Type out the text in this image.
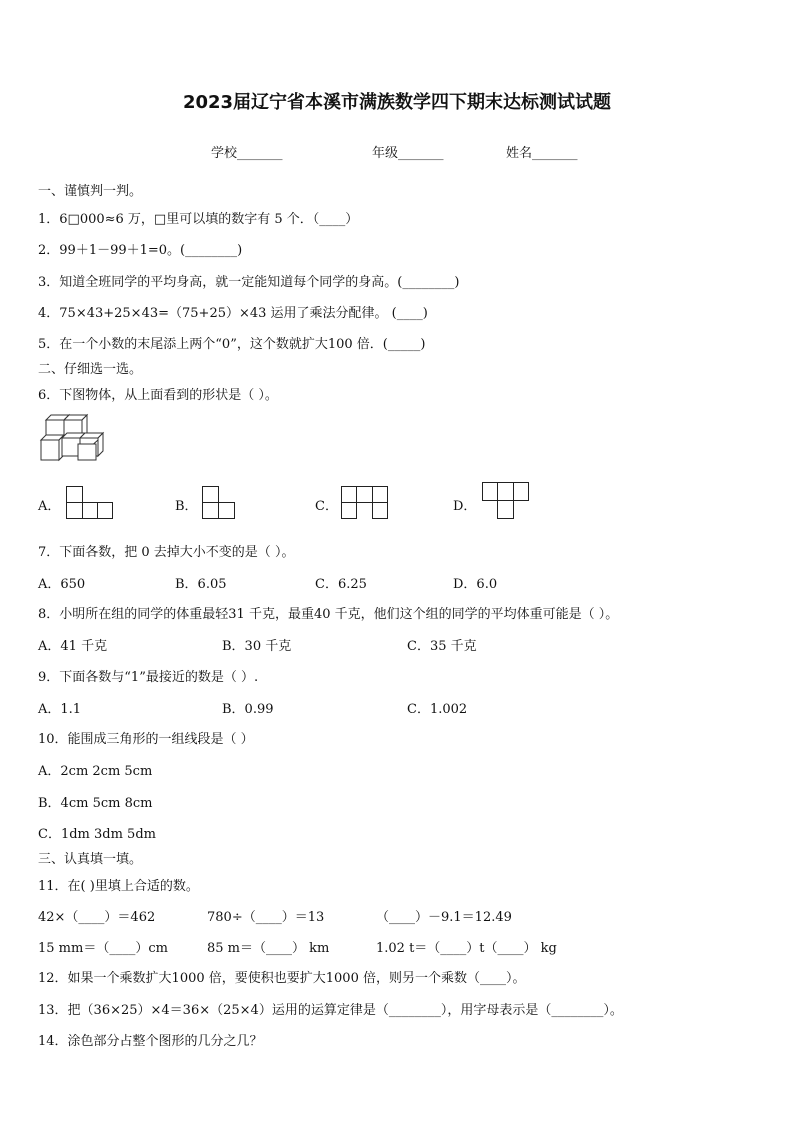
2023届辽宁省本溪市满族数学四下期末达标测试试题
学校_______	年级_______	姓名_______
一、谨慎判一判。
1．6□000≈6 万，□里可以填的数字有 5 个．（____）
2．99＋1－99＋1=0。(________)
3．知道全班同学的平均身高，就一定能知道每个同学的身高。(________)
4．75×43+25×43=（75+25）×43 运用了乘法分配律。 (____)
5．在一个小数的末尾添上两个“0”，这个数就扩大100 倍．(_____)
二、仔细选一选。
6．下图物体，从上面看到的形状是（ ）。
A．	B．	C．	D．
7．下面各数，把 0 去掉大小不变的是（ ）。
A．650	B．6.05	C．6.25	D．6.0
8．小明所在组的同学的体重最轻31 千克，最重40 千克，他们这个组的同学的平均体重可能是（ ）。
A．41 千克	B．30 千克	C．35 千克
9．下面各数与“1”最接近的数是（ ）.
A．1.1	B．0.99	C．1.002
10．能围成三角形的一组线段是（ ）
A．2cm 2cm 5cm
B．4cm 5cm 8cm
C．1dm 3dm 5dm
三、认真填一填。
11．在( )里填上合适的数。
42×（____）＝462	780÷（____）＝13	（____）－9.1＝12.49
15 mm＝（____）cm	85 m＝（____） km	1.02 t＝（____）t（____） kg
12．如果一个乘数扩大1000 倍，要使积也要扩大1000 倍，则另一个乘数（____）。
13．把（36×25）×4＝36×（25×4）运用的运算定律是（________），用字母表示是（________）。
14．涂色部分占整个图形的几分之几？
